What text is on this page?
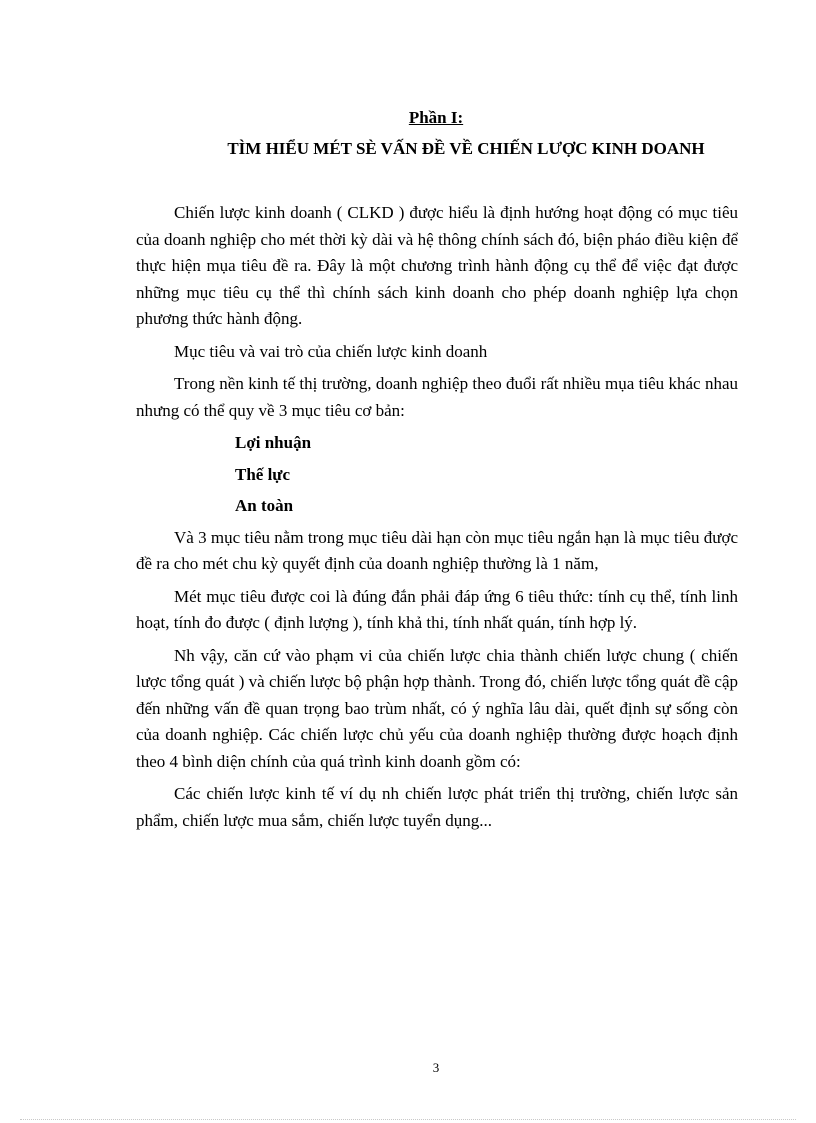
Phần I:
TÌM HIỂU MÉT SÈ VẤN ĐỀ VỀ CHIẾN LƯỢC KINH DOANH

Chiến lược kinh doanh ( CLKD ) được hiểu là định hướng hoạt động có mục tiêu của doanh nghiệp cho mét thời kỳ dài và hệ thông chính sách đó, biện pháo điều kiện để thực hiện mụa tiêu đề ra. Đây là một chương trình hành động cụ thể để việc đạt được những mục tiêu cụ thể thì chính sách kinh doanh cho phép doanh nghiệp lựa chọn phương thức hành động.

Mục tiêu và vai trò của chiến lược kinh doanh

Trong nền kinh tế thị trường, doanh nghiệp theo đuổi rất nhiều mụa tiêu khác nhau nhưng có thể quy về 3 mục tiêu cơ bản:

Lợi nhuận

Thế lực

An toàn

Và 3 mục tiêu nằm trong mục tiêu dài hạn còn mục tiêu ngắn hạn là mục tiêu được đề ra cho mét chu kỳ quyết định của doanh nghiệp thường là 1 năm,

Mét mục tiêu được coi là đúng đắn phải đáp ứng 6 tiêu thức: tính cụ thể, tính linh hoạt, tính đo được ( định lượng ), tính khả thi, tính nhất quán, tính hợp lý.

Nh vậy, căn cứ vào phạm vi của chiến lược chia thành chiến lược chung ( chiến lược tổng quát ) và chiến lược bộ phận hợp thành. Trong đó, chiến lược tổng quát đề cập đến những vấn đề quan trọng bao trùm nhất, có ý nghĩa lâu dài, quết định sự sống còn của doanh nghiệp. Các chiến lược chủ yếu của doanh nghiệp thường được hoạch định theo 4 bình diện chính của quá trình kinh doanh gồm có:

Các chiến lược kinh tế ví dụ nh chiến lược phát triển thị trường, chiến lược sản phẩm, chiến lược mua sắm, chiến lược tuyển dụng...

3
